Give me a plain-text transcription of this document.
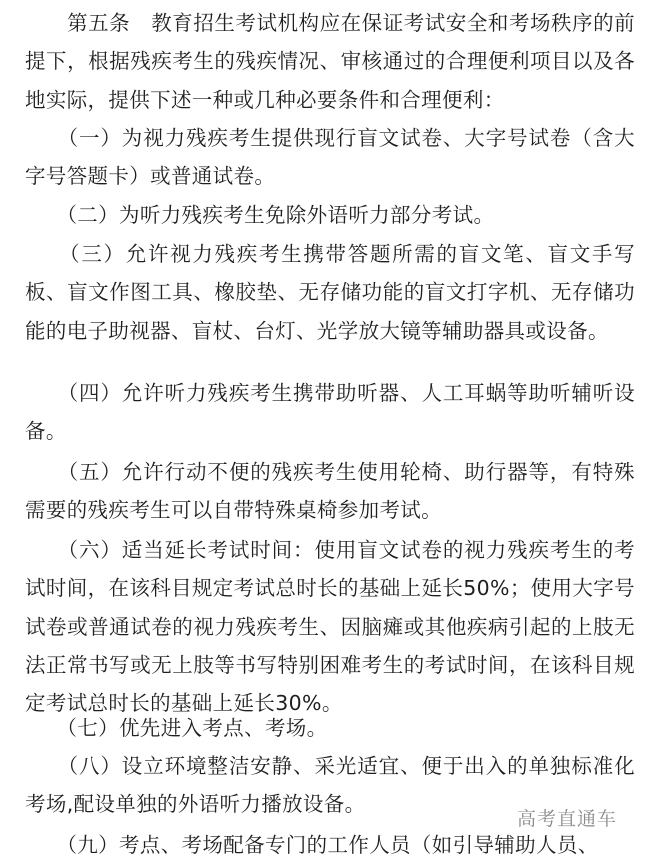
　　第五条　教育招生考试机构应在保证考试安全和考场秩序的前提下，根据残疾考生的残疾情况、审核通过的合理便利项目以及各地实际，提供下述一种或几种必要条件和合理便利：

　　（一）为视力残疾考生提供现行盲文试卷、大字号试卷（含大字号答题卡）或普通试卷。

　　（二）为听力残疾考生免除外语听力部分考试。

　　（三）允许视力残疾考生携带答题所需的盲文笔、盲文手写板、盲文作图工具、橡胶垫、无存储功能的盲文打字机、无存储功能的电子助视器、盲杖、台灯、光学放大镜等辅助器具或设备。

　　（四）允许听力残疾考生携带助听器、人工耳蜗等助听辅听设备。

　　（五）允许行动不便的残疾考生使用轮椅、助行器等，有特殊需要的残疾考生可以自带特殊桌椅参加考试。

　　（六）适当延长考试时间：使用盲文试卷的视力残疾考生的考试时间，在该科目规定考试总时长的基础上延长50%；使用大字号试卷或普通试卷的视力残疾考生、因脑瘫或其他疾病引起的上肢无法正常书写或无上肢等书写特别困难考生的考试时间，在该科目规定考试总时长的基础上延长30%。

　　（七）优先进入考点、考场。

　　（八）设立环境整洁安静、采光适宜、便于出入的单独标准化考场,配设单独的外语听力播放设备。

　　（九）考点、考场配备专门的工作人员（如引导辅助人员、

高考直通车
